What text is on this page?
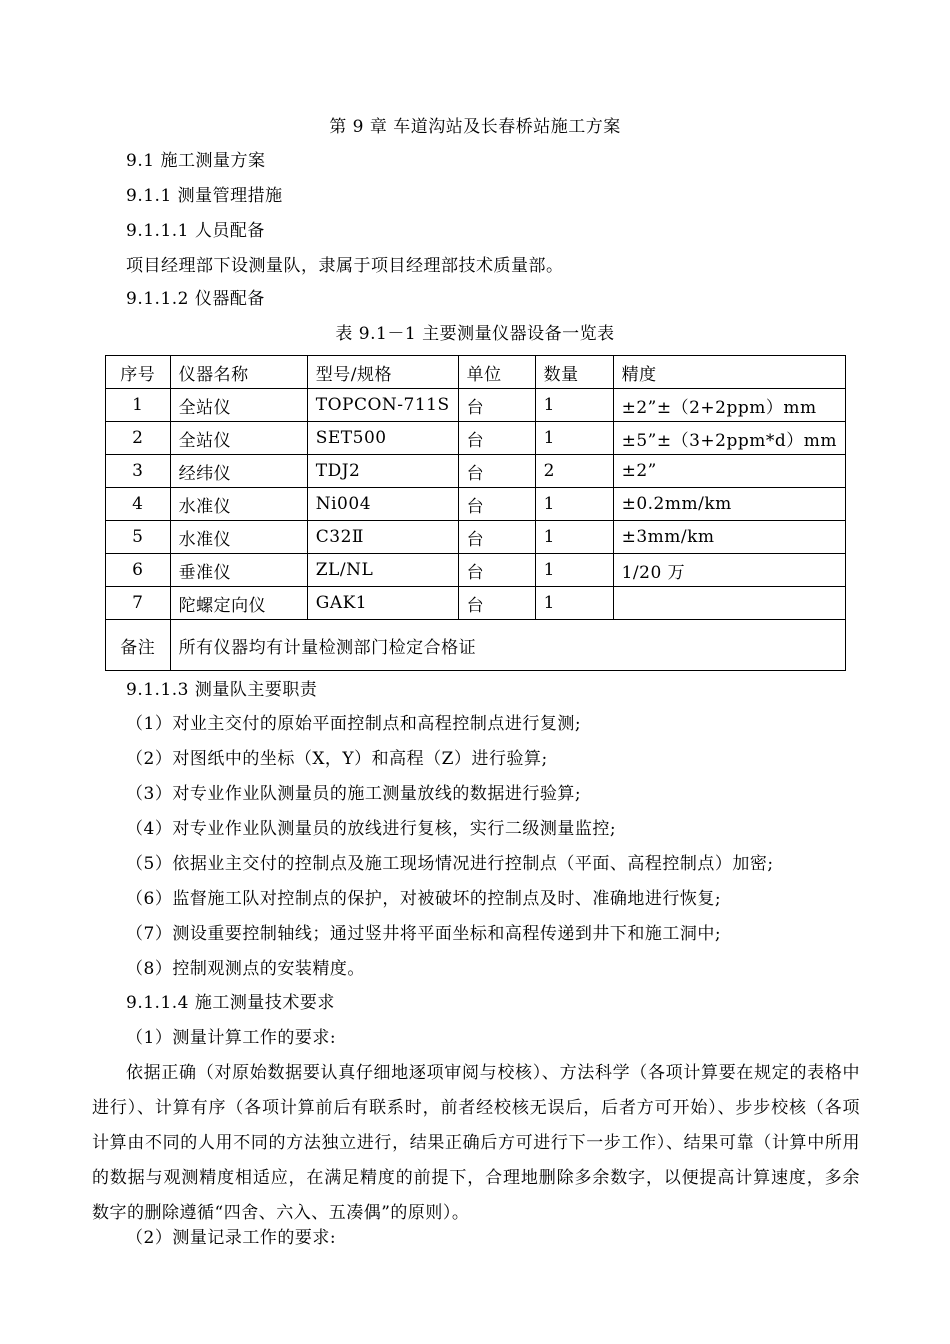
第 9 章 车道沟站及长春桥站施工方案
9.1 施工测量方案
9.1.1 测量管理措施
9.1.1.1 人员配备
项目经理部下设测量队，隶属于项目经理部技术质量部。
9.1.1.2 仪器配备
表 9.1－1 主要测量仪器设备一览表
序号	仪器名称	型号/规格	单位	数量	精度
1	全站仪	TOPCON-711S	台	1	±2”±（2+2ppm）mm
2	全站仪	SET500	台	1	±5”±（3+2ppm*d）mm
3	经纬仪	TDJ2	台	2	±2”
4	水准仪	Ni004	台	1	±0.2mm/km
5	水准仪	C32Ⅱ	台	1	±3mm/km
6	垂准仪	ZL/NL	台	1	1/20 万
7	陀螺定向仪	GAK1	台	1	
备注	所有仪器均有计量检测部门检定合格证				
9.1.1.3 测量队主要职责
（1）对业主交付的原始平面控制点和高程控制点进行复测;
（2）对图纸中的坐标（X，Y）和高程（Z）进行验算;
（3）对专业作业队测量员的施工测量放线的数据进行验算;
（4）对专业作业队测量员的放线进行复核，实行二级测量监控;
（5）依据业主交付的控制点及施工现场情况进行控制点（平面、高程控制点）加密;
（6）监督施工队对控制点的保护，对被破坏的控制点及时、准确地进行恢复;
（7）测设重要控制轴线；通过竖井将平面坐标和高程传递到井下和施工洞中;
（8）控制观测点的安装精度。
9.1.1.4 施工测量技术要求
（1）测量计算工作的要求:
依据正确（对原始数据要认真仔细地逐项审阅与校核）、方法科学（各项计算要在规定的表格中进行）、计算有序（各项计算前后有联系时，前者经校核无误后，后者方可开始）、步步校核（各项计算由不同的人用不同的方法独立进行，结果正确后方可进行下一步工作）、结果可靠（计算中所用的数据与观测精度相适应，在满足精度的前提下，合理地删除多余数字，以便提高计算速度，多余数字的删除遵循“四舍、六入、五凑偶”的原则）。
（2）测量记录工作的要求:
